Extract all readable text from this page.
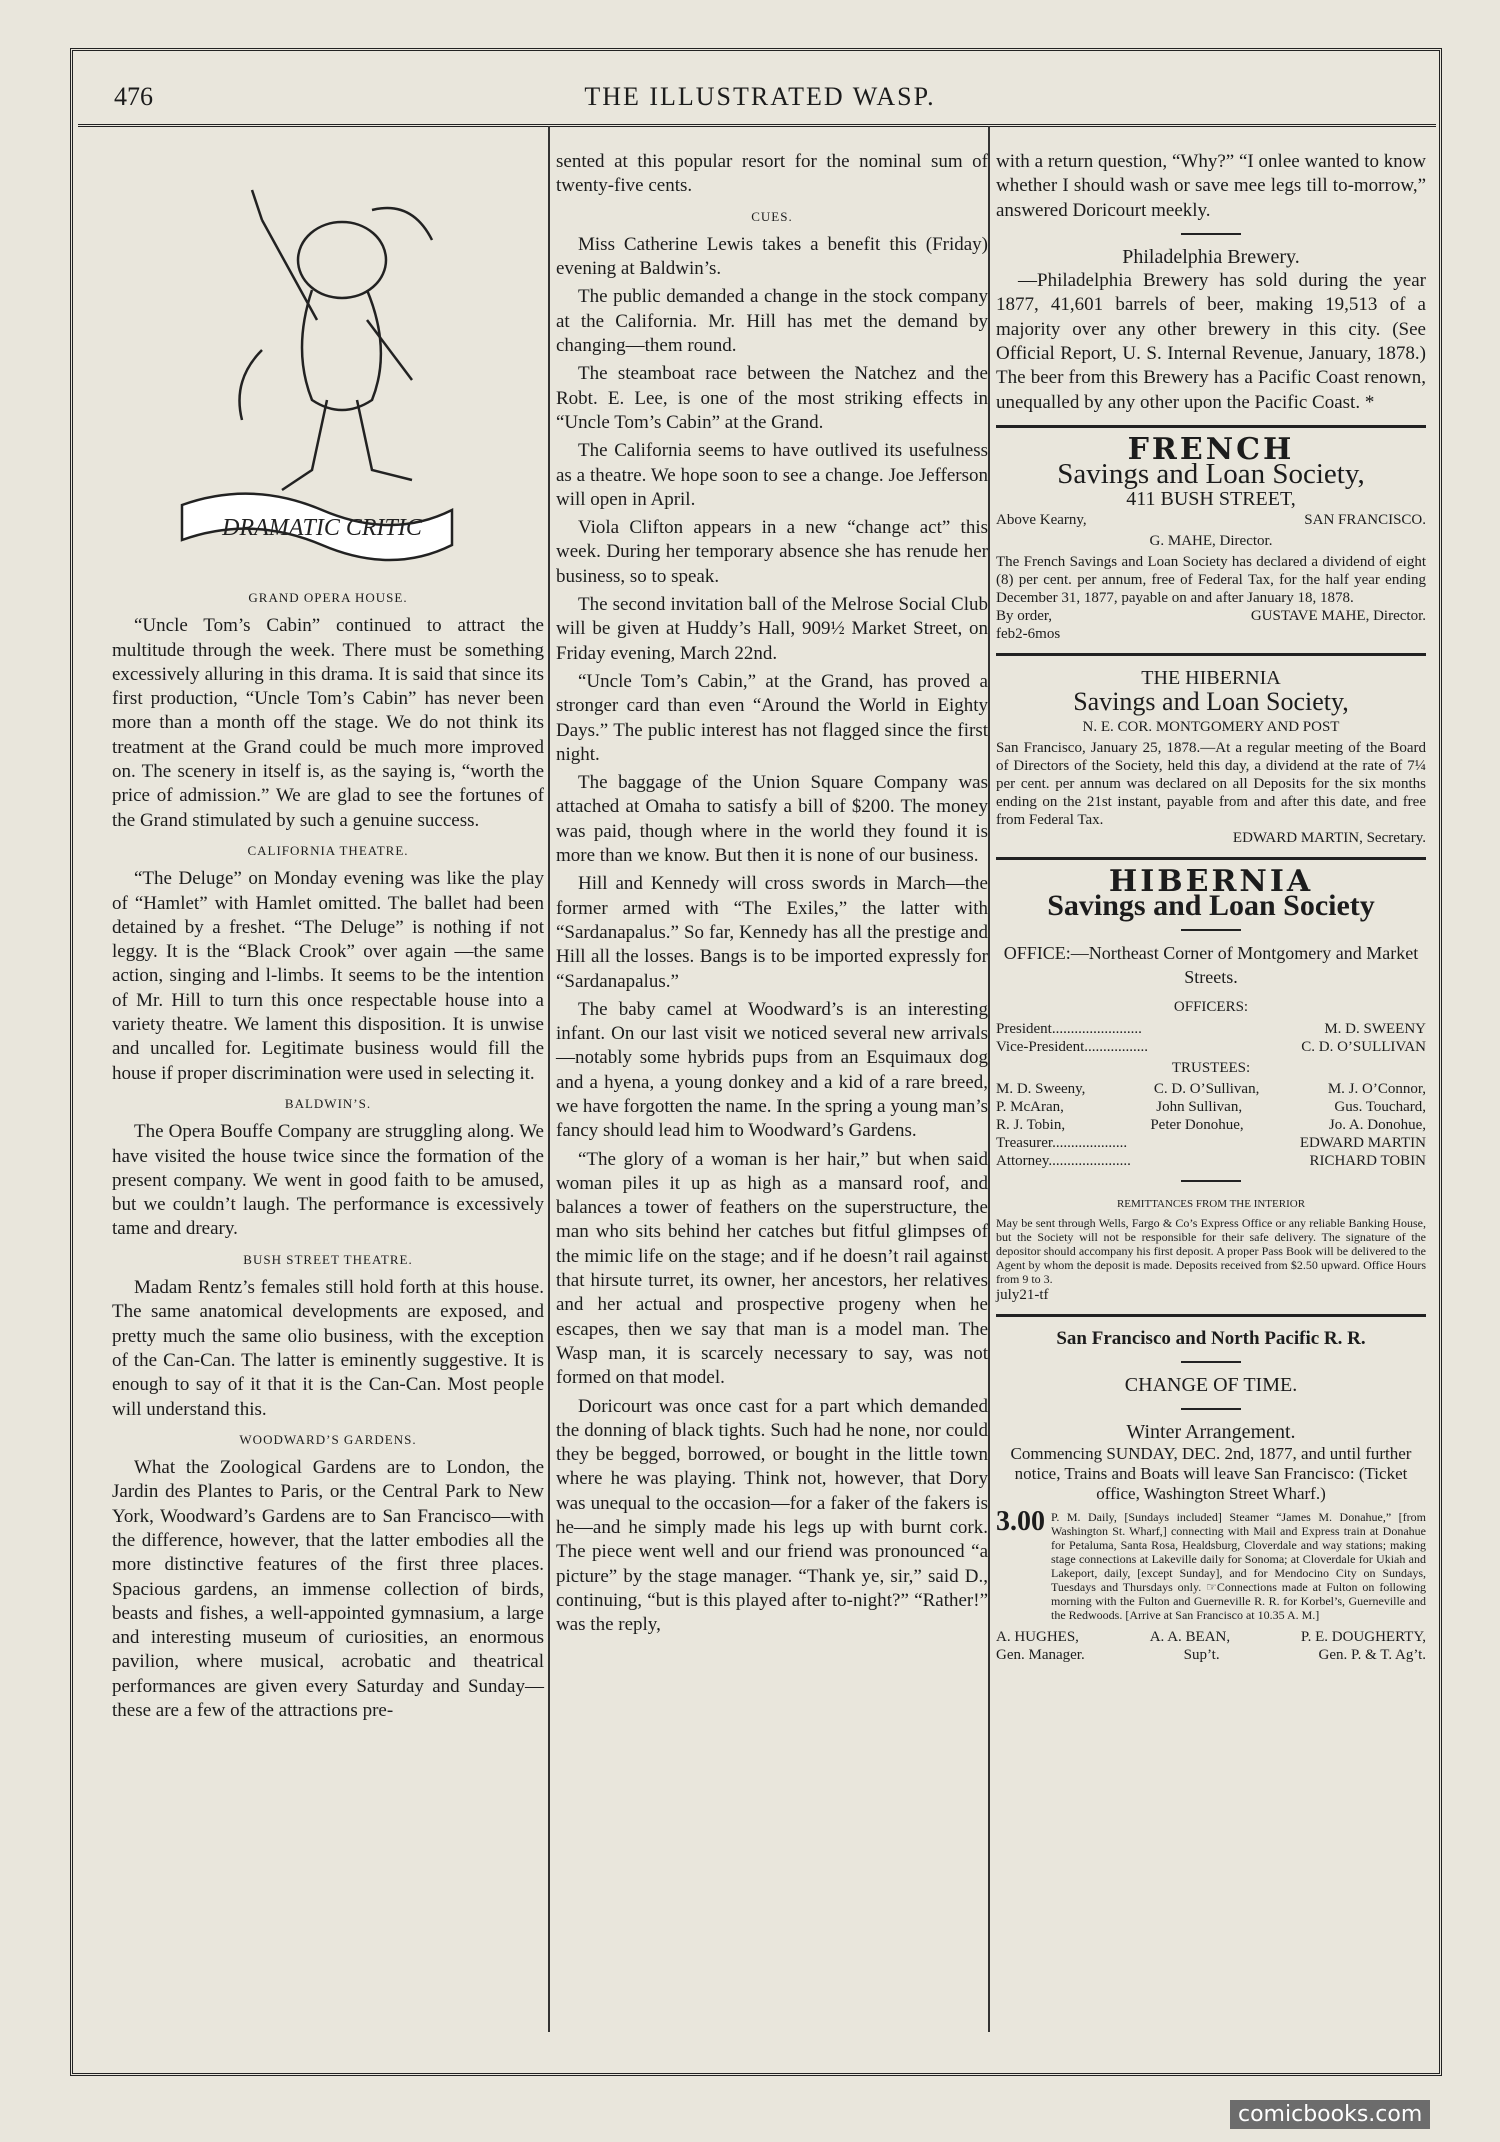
476	THE ILLUSTRATED WASP.
DRAMATIC CRITIC

GRAND OPERA HOUSE.

“Uncle Tom’s Cabin” continued to attract the multitude through the week. There must be something excessively alluring in this drama. It is said that since its first production, “Uncle Tom’s Cabin” has never been more than a month off the stage. We do not think its treatment at the Grand could be much more improved on. The scenery in itself is, as the saying is, “worth the price of admission.” We are glad to see the fortunes of the Grand stimulated by such a genuine success.

CALIFORNIA THEATRE.

“The Deluge” on Monday evening was like the play of “Hamlet” with Hamlet omitted. The ballet had been detained by a freshet. “The Deluge” is nothing if not leggy. It is the “Black Crook” over again —the same action, singing and l-limbs. It seems to be the intention of Mr. Hill to turn this once respectable house into a variety theatre. We lament this disposition. It is unwise and uncalled for. Legitimate business would fill the house if proper discrimination were used in selecting it.

BALDWIN’S.

The Opera Bouffe Company are struggling along. We have visited the house twice since the formation of the present company. We went in good faith to be amused, but we couldn’t laugh. The performance is excessively tame and dreary.

BUSH STREET THEATRE.

Madam Rentz’s females still hold forth at this house. The same anatomical developments are exposed, and pretty much the same olio business, with the exception of the Can-Can. The latter is eminently suggestive. It is enough to say of it that it is the Can-Can. Most people will understand this.

WOODWARD’S GARDENS.

What the Zoological Gardens are to London, the Jardin des Plantes to Paris, or the Central Park to New York, Woodward’s Gardens are to San Francisco—with the difference, however, that the latter embodies all the more distinctive features of the first three places. Spacious gardens, an immense collection of birds, beasts and fishes, a well-appointed gymnasium, a large and interesting museum of curiosities, an enormous pavilion, where musical, acrobatic and theatrical performances are given every Saturday and Sunday—these are a few of the attractions pre-

sented at this popular resort for the nominal sum of twenty-five cents.

CUES.

Miss Catherine Lewis takes a benefit this (Friday) evening at Baldwin’s.

The public demanded a change in the stock company at the California. Mr. Hill has met the demand by changing—them round.

The steamboat race between the Natchez and the Robt. E. Lee, is one of the most striking effects in “Uncle Tom’s Cabin” at the Grand.

The California seems to have outlived its usefulness as a theatre. We hope soon to see a change. Joe Jefferson will open in April.

Viola Clifton appears in a new “change act” this week. During her temporary absence she has renude her business, so to speak.

The second invitation ball of the Melrose Social Club will be given at Huddy’s Hall, 909½ Market Street, on Friday evening, March 22nd.

“Uncle Tom’s Cabin,” at the Grand, has proved a stronger card than even “Around the World in Eighty Days.” The public interest has not flagged since the first night.

The baggage of the Union Square Company was attached at Omaha to satisfy a bill of $200. The money was paid, though where in the world they found it is more than we know. But then it is none of our business.

Hill and Kennedy will cross swords in March—the former armed with “The Exiles,” the latter with “Sardanapalus.” So far, Kennedy has all the prestige and Hill all the losses. Bangs is to be imported expressly for “Sardanapalus.”

The baby camel at Woodward’s is an interesting infant. On our last visit we noticed several new arrivals—notably some hybrids pups from an Esquimaux dog and a hyena, a young donkey and a kid of a rare breed, we have forgotten the name. In the spring a young man’s fancy should lead him to Woodward’s Gardens.

“The glory of a woman is her hair,” but when said woman piles it up as high as a mansard roof, and balances a tower of feathers on the superstructure, the man who sits behind her catches but fitful glimpses of the mimic life on the stage; and if he doesn’t rail against that hirsute turret, its owner, her ancestors, her relatives and her actual and prospective progeny when he escapes, then we say that man is a model man. The Wasp man, it is scarcely necessary to say, was not formed on that model.

Doricourt was once cast for a part which demanded the donning of black tights. Such had he none, nor could they be begged, borrowed, or bought in the little town where he was playing. Think not, however, that Dory was unequal to the occasion—for a faker of the fakers is he—and he simply made his legs up with burnt cork. The piece went well and our friend was pronounced “a picture” by the stage manager. “Thank ye, sir,” said D., continuing, “but is this played after to-night?” “Rather!” was the reply,

with a return question, “Why?” “I onlee wanted to know whether I should wash or save mee legs till to-morrow,” answered Doricourt meekly.

Philadelphia Brewery.

—Philadelphia Brewery has sold during the year 1877, 41,601 barrels of beer, making 19,513 of a majority over any other brewery in this city. (See Official Report, U. S. Internal Revenue, January, 1878.) The beer from this Brewery has a Pacific Coast renown, unequalled by any other upon the Pacific Coast. *

FRENCH
Savings and Loan Society,
411 BUSH STREET,
Above Kearny,	SAN FRANCISCO.
G. MAHE, Director.
The French Savings and Loan Society has declared a dividend of eight (8) per cent. per annum, free of Federal Tax, for the half year ending December 31, 1877, payable on and after January 18, 1878.
By order,	GUSTAVE MAHE, Director.
feb2-6mos
THE HIBERNIA
Savings and Loan Society,
N. E. COR. MONTGOMERY AND POST
San Francisco, January 25, 1878.—At a regular meeting of the Board of Directors of the Society, held this day, a dividend at the rate of 7¼ per cent. per annum was declared on all Deposits for the six months ending on the 21st instant, payable from and after this date, and free from Federal Tax.
EDWARD MARTIN, Secretary.
HIBERNIA
Savings and Loan Society
OFFICE:—Northeast Corner of Montgomery and Market Streets.
OFFICERS:
President........................	M. D. SWEENY
Vice-President.................	C. D. O’SULLIVAN
TRUSTEES:
M. D. Sweeny,	C. D. O’Sullivan,	M. J. O’Connor,
P. McAran,	John Sullivan,	Gus. Touchard,
R. J. Tobin,	Peter Donohue,	Jo. A. Donohue,
Treasurer....................	EDWARD MARTIN
Attorney......................	RICHARD TOBIN
REMITTANCES FROM THE INTERIOR
May be sent through Wells, Fargo & Co’s Express Office or any reliable Banking House, but the Society will not be responsible for their safe delivery. The signature of the depositor should accompany his first deposit. A proper Pass Book will be delivered to the Agent by whom the deposit is made. Deposits received from $2.50 upward. Office Hours from 9 to 3.
july21-tf
San Francisco and North Pacific R. R.
CHANGE OF TIME.
Winter Arrangement.
Commencing SUNDAY, DEC. 2nd, 1877, and until further notice, Trains and Boats will leave San Francisco: (Ticket office, Washington Street Wharf.)
3.00 P. M. Daily, [Sundays included] Steamer “James M. Donahue,” [from Washington St. Wharf,] connecting with Mail and Express train at Donahue for Petaluma, Santa Rosa, Healdsburg, Cloverdale and way stations; making stage connections at Lakeville daily for Sonoma; at Cloverdale for Ukiah and Lakeport, daily, [except Sunday], and for Mendocino City on Sundays, Tuesdays and Thursdays only. ☞Connections made at Fulton on following morning with the Fulton and Guerneville R. R. for Korbel’s, Guerneville and the Redwoods. [Arrive at San Francisco at 10.35 A. M.]
A. HUGHES,	A. A. BEAN,	P. E. DOUGHERTY,
Gen. Manager.	Sup’t.	Gen. P. & T. Ag’t.
comicbooks.com
